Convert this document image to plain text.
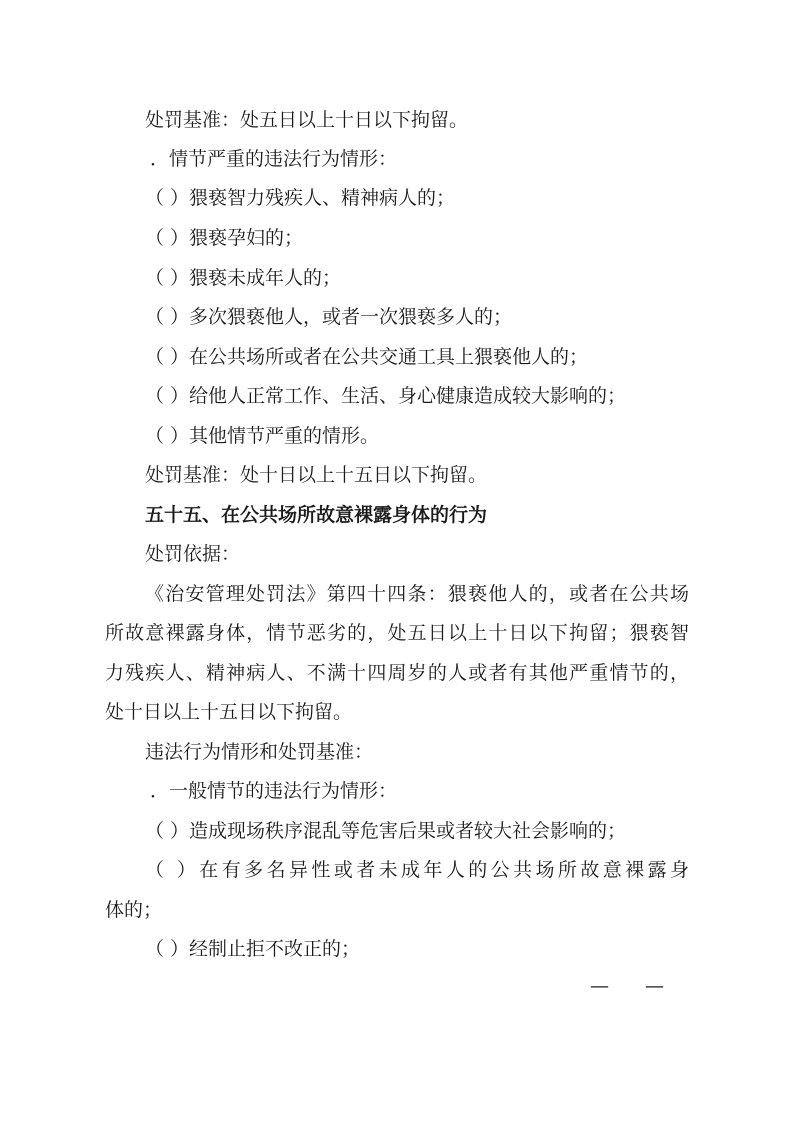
处罚基准：处五日以上十日以下拘留。
．情节严重的违法行为情形：
（ ）猥亵智力残疾人、精神病人的；
（ ）猥亵孕妇的；
（ ）猥亵未成年人的；
（ ）多次猥亵他人，或者一次猥亵多人的；
（ ）在公共场所或者在公共交通工具上猥亵他人的；
（ ）给他人正常工作、生活、身心健康造成较大影响的；
（ ）其他情节严重的情形。
处罚基准：处十日以上十五日以下拘留。
五十五、在公共场所故意裸露身体的行为
处罚依据：
《治安管理处罚法》第四十四条：猥亵他人的，或者在公共场
所故意裸露身体，情节恶劣的，处五日以上十日以下拘留；猥亵智
力残疾人、精神病人、不满十四周岁的人或者有其他严重情节的，
处十日以上十五日以下拘留。
违法行为情形和处罚基准：
．一般情节的违法行为情形：
（ ）造成现场秩序混乱等危害后果或者较大社会影响的；
（ ）在有多名异性或者未成年人的公共场所故意裸露身
体的；
（ ）经制止拒不改正的；
— —
